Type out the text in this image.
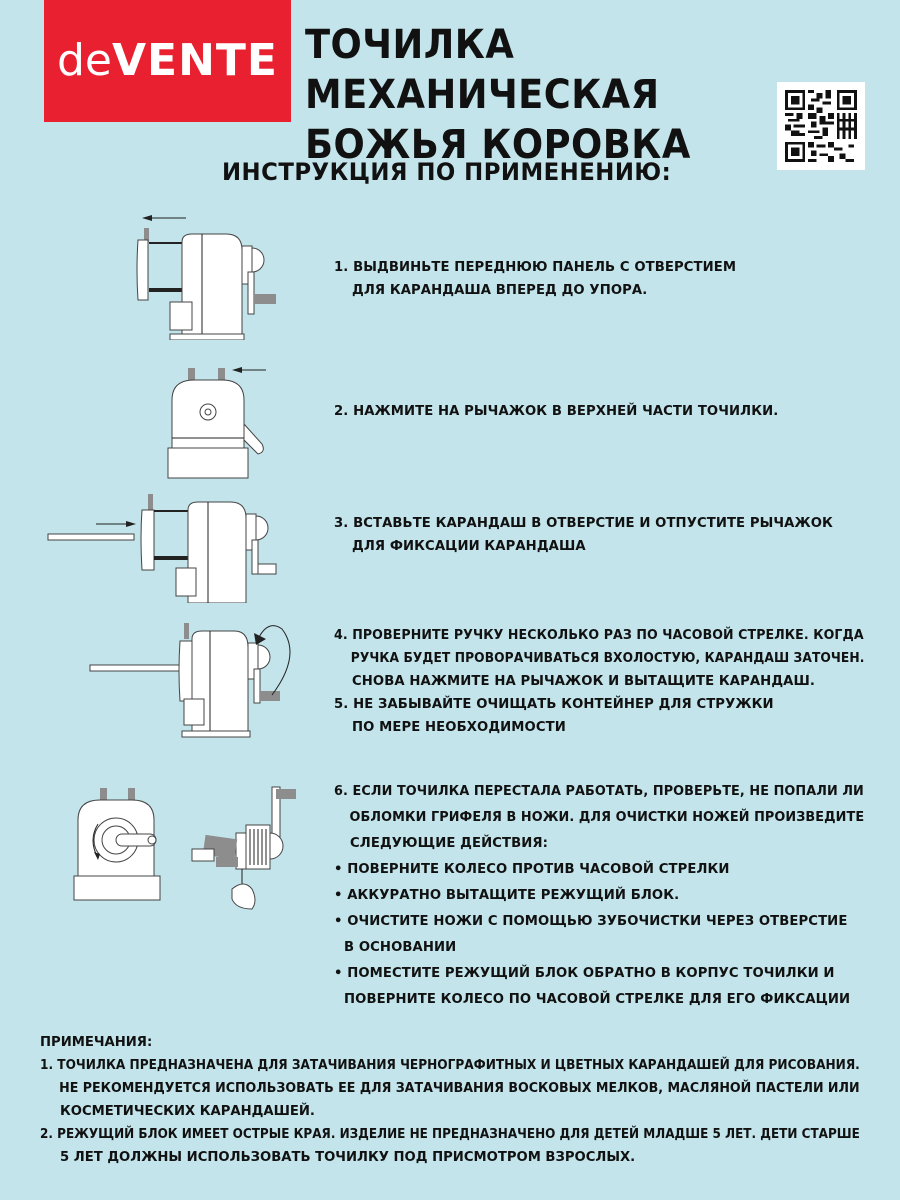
deVENTE ТОЧИЛКА МЕХАНИЧЕСКАЯ
БОЖЬЯ КОРОВКА
ИНСТРУКЦИЯ ПО ПРИМЕНЕНИЮ:
1. ВЫДВИНЬТЕ ПЕРЕДНЮЮ ПАНЕЛЬ С ОТВЕРСТИЕМ
ДЛЯ КАРАНДАША ВПЕРЕД ДО УПОРА.
2. НАЖМИТЕ НА РЫЧАЖОК В ВЕРХНЕЙ ЧАСТИ ТОЧИЛКИ.
3. ВСТАВЬТЕ КАРАНДАШ В ОТВЕРСТИЕ И ОТПУСТИТЕ РЫЧАЖОК
ДЛЯ ФИКСАЦИИ КАРАНДАША
4. ПРОВЕРНИТЕ РУЧКУ НЕСКОЛЬКО РАЗ ПО ЧАСОВОЙ СТРЕЛКЕ. КОГДА
РУЧКА БУДЕТ ПРОВОРАЧИВАТЬСЯ ВХОЛОСТУЮ, КАРАНДАШ ЗАТОЧЕН.
СНОВА НАЖМИТЕ НА РЫЧАЖОК И ВЫТАЩИТЕ КАРАНДАШ.
5. НЕ ЗАБЫВАЙТЕ ОЧИЩАТЬ КОНТЕЙНЕР ДЛЯ СТРУЖКИ
ПО МЕРЕ НЕОБХОДИМОСТИ
6. ЕСЛИ ТОЧИЛКА ПЕРЕСТАЛА РАБОТАТЬ, ПРОВЕРЬТЕ, НЕ ПОПАЛИ ЛИ
ОБЛОМКИ ГРИФЕЛЯ В НОЖИ. ДЛЯ ОЧИСТКИ НОЖЕЙ ПРОИЗВЕДИТЕ
СЛЕДУЮЩИЕ ДЕЙСТВИЯ:
• ПОВЕРНИТЕ КОЛЕСО ПРОТИВ ЧАСОВОЙ СТРЕЛКИ
• АККУРАТНО ВЫТАЩИТЕ РЕЖУЩИЙ БЛОК.
• ОЧИСТИТЕ НОЖИ С ПОМОЩЬЮ ЗУБОЧИСТКИ ЧЕРЕЗ ОТВЕРСТИЕ
В ОСНОВАНИИ
• ПОМЕСТИТЕ РЕЖУЩИЙ БЛОК ОБРАТНО В КОРПУС ТОЧИЛКИ И
ПОВЕРНИТЕ КОЛЕСО ПО ЧАСОВОЙ СТРЕЛКЕ ДЛЯ ЕГО ФИКСАЦИИ
ПРИМЕЧАНИЯ:
1. ТОЧИЛКА ПРЕДНАЗНАЧЕНА ДЛЯ ЗАТАЧИВАНИЯ ЧЕРНОГРАФИТНЫХ И ЦВЕТНЫХ КАРАНДАШЕЙ ДЛЯ РИСОВАНИЯ.
НЕ РЕКОМЕНДУЕТСЯ ИСПОЛЬЗОВАТЬ ЕЕ ДЛЯ ЗАТАЧИВАНИЯ ВОСКОВЫХ МЕЛКОВ, МАСЛЯНОЙ ПАСТЕЛИ ИЛИ
КОСМЕТИЧЕСКИХ КАРАНДАШЕЙ.
2. РЕЖУЩИЙ БЛОК ИМЕЕТ ОСТРЫЕ КРАЯ. ИЗДЕЛИЕ НЕ ПРЕДНАЗНАЧЕНО ДЛЯ ДЕТЕЙ МЛАДШЕ 5 ЛЕТ. ДЕТИ СТАРШЕ
5 ЛЕТ ДОЛЖНЫ ИСПОЛЬЗОВАТЬ ТОЧИЛКУ ПОД ПРИСМОТРОМ ВЗРОСЛЫХ.
